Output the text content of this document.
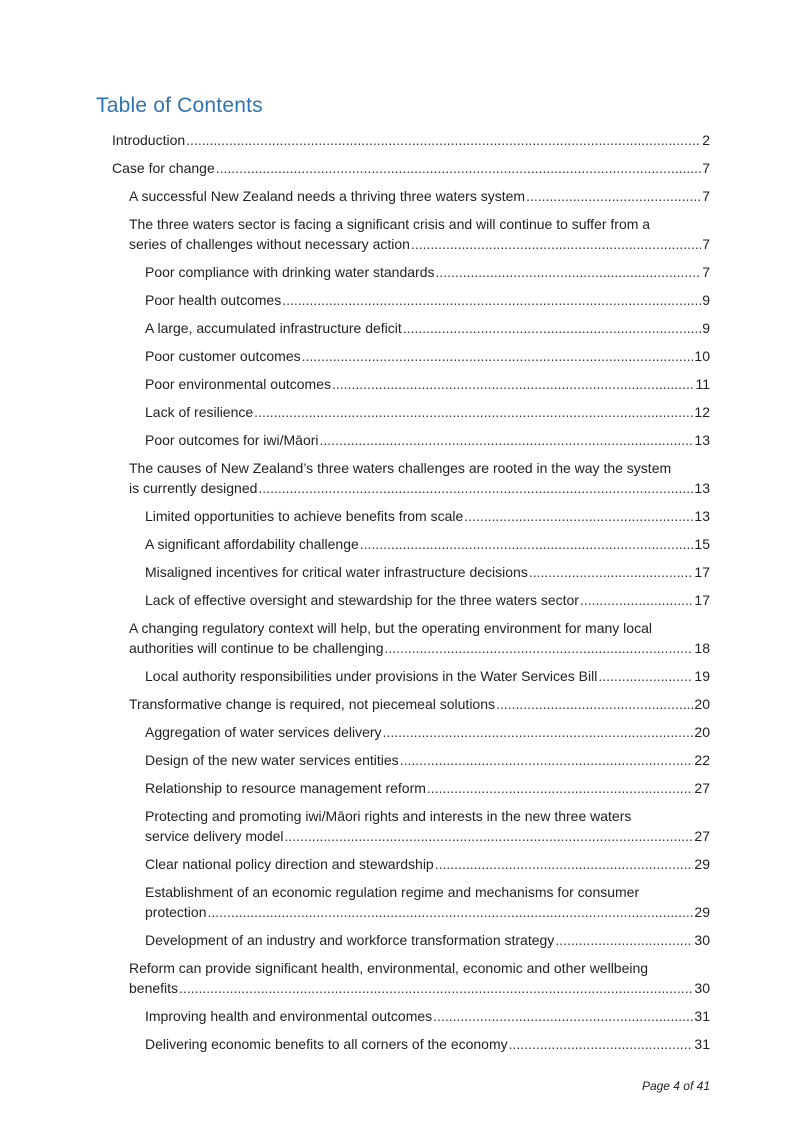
Table of Contents
Introduction .....	2
Case for change .....	7
A successful New Zealand needs a thriving three waters system .....	7
The three waters sector is facing a significant crisis and will continue to suffer from a
series of challenges without necessary action .....	7
Poor compliance with drinking water standards .....	7
Poor health outcomes .....	9
A large, accumulated infrastructure deficit .....	9
Poor customer outcomes .....	10
Poor environmental outcomes .....	11
Lack of resilience .....	12
Poor outcomes for iwi/Māori .....	13
The causes of New Zealand’s three waters challenges are rooted in the way the system
is currently designed .....	13
Limited opportunities to achieve benefits from scale .....	13
A significant affordability challenge .....	15
Misaligned incentives for critical water infrastructure decisions .....	17
Lack of effective oversight and stewardship for the three waters sector .....	17
A changing regulatory context will help, but the operating environment for many local
authorities will continue to be challenging .....	18
Local authority responsibilities under provisions in the Water Services Bill .....	19
Transformative change is required, not piecemeal solutions .....	20
Aggregation of water services delivery .....	20
Design of the new water services entities .....	22
Relationship to resource management reform .....	27
Protecting and promoting iwi/Māori rights and interests in the new three waters
service delivery model .....	27
Clear national policy direction and stewardship .....	29
Establishment of an economic regulation regime and mechanisms for consumer
protection .....	29
Development of an industry and workforce transformation strategy .....	30
Reform can provide significant health, environmental, economic and other wellbeing
benefits .....	30
Improving health and environmental outcomes .....	31
Delivering economic benefits to all corners of the economy .....	31
Page 4 of 41
